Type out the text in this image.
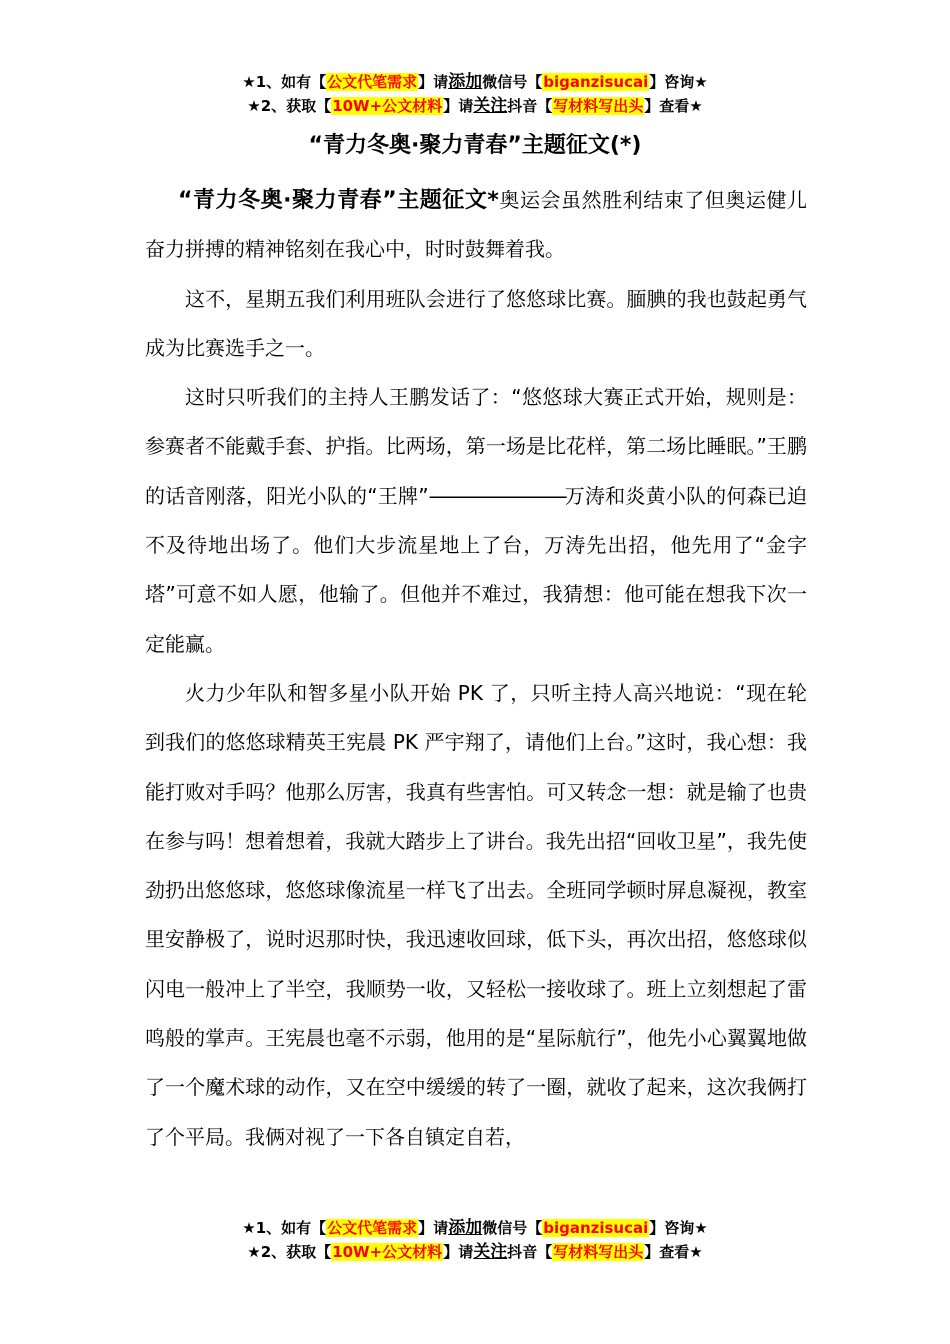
★1、如有【公文代笔需求】请添加微信号【biganzisucai】咨询★
★2、获取【10W+公文材料】请关注抖音【写材料写出头】查看★
“青力冬奥·聚力青春”主题征文(*)

“青力冬奥·聚力青春”主题征文*奥运会虽然胜利结束了但奥运健儿奋力拼搏的精神铭刻在我心中，时时鼓舞着我。

这不，星期五我们利用班队会进行了悠悠球比赛。腼腆的我也鼓起勇气成为比赛选手之一。

这时只听我们的主持人王鹏发话了：“悠悠球大赛正式开始，规则是：参赛者不能戴手套、护指。比两场，第一场是比花样，第二场比睡眠。”王鹏的话音刚落，阳光小队的“王牌”————————万涛和炎黄小队的何森已迫不及待地出场了。他们大步流星地上了台，万涛先出招，他先用了“金字塔”可意不如人愿，他输了。但他并不难过，我猜想：他可能在想我下次一定能赢。

火力少年队和智多星小队开始 PK 了，只听主持人高兴地说：“现在轮到我们的悠悠球精英王宪晨 PK 严宇翔了，请他们上台。”这时，我心想：我能打败对手吗？他那么厉害，我真有些害怕。可又转念一想：就是输了也贵在参与吗！想着想着，我就大踏步上了讲台。我先出招“回收卫星”，我先使劲扔出悠悠球，悠悠球像流星一样飞了出去。全班同学顿时屏息凝视，教室里安静极了，说时迟那时快，我迅速收回球，低下头，再次出招，悠悠球似闪电一般冲上了半空，我顺势一收，又轻松一接收球了。班上立刻想起了雷鸣般的掌声。王宪晨也毫不示弱，他用的是“星际航行”，他先小心翼翼地做了一个魔术球的动作，又在空中缓缓的转了一圈，就收了起来，这次我俩打了个平局。我俩对视了一下各自镇定自若，

★1、如有【公文代笔需求】请添加微信号【biganzisucai】咨询★
★2、获取【10W+公文材料】请关注抖音【写材料写出头】查看★
